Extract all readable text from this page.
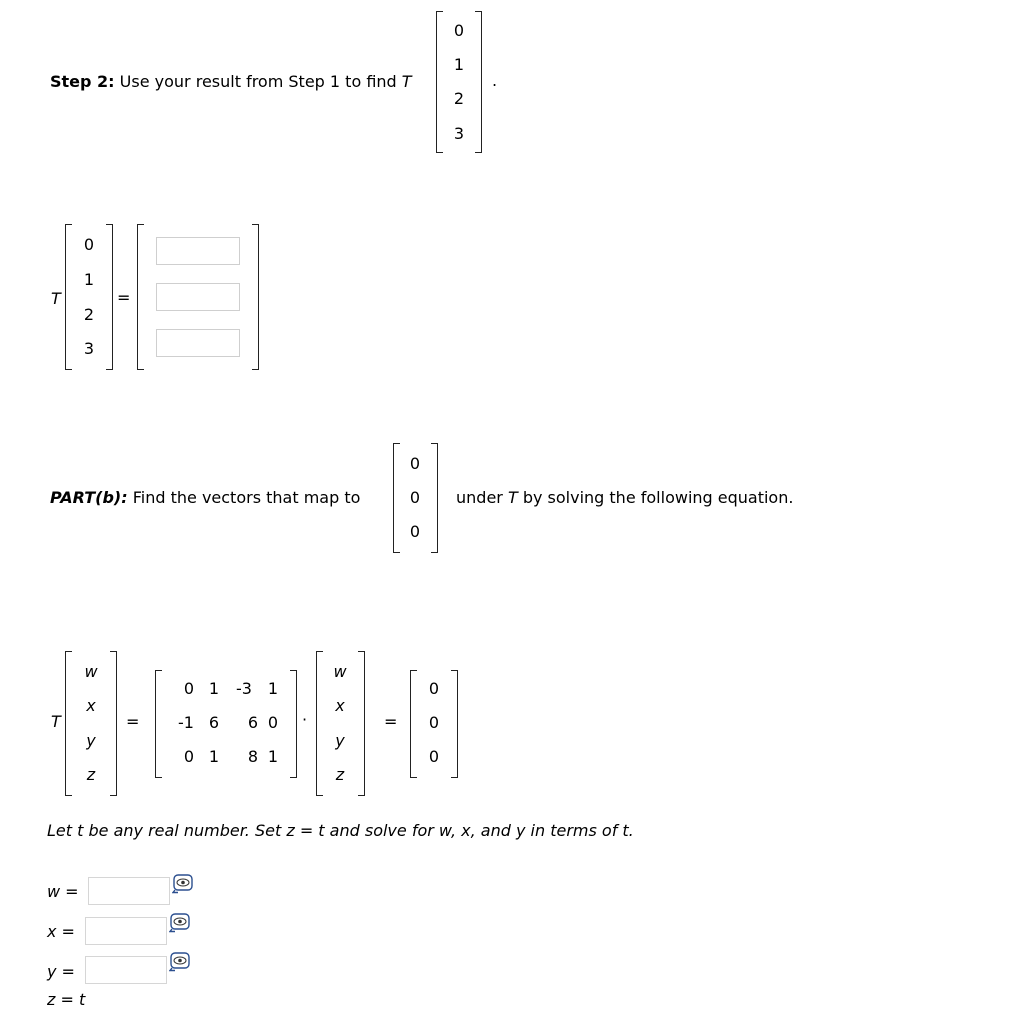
Step 2: Use your result from Step 1 to find T
0
1
2
3
.
T
0
1
2
3
=
PART(b): Find the vectors that map to
0
0
0
under T by solving the following equation.
T
w
x
y
z
=
0 1	-3 1
-1 6 6 0
0 1 8 1
·
w
x
y
z
=
0
0
0
Let t be any real number. Set z = t and solve for w, x, and y in terms of t.
w =
x =
y =
z = t
